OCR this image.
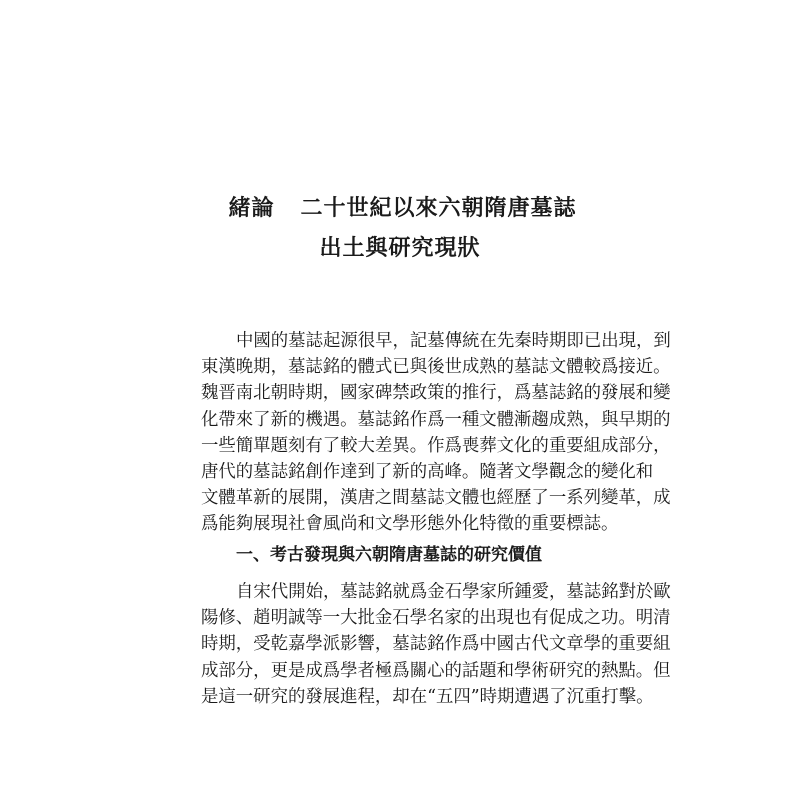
緒論 二十世紀以來六朝隋唐墓誌
出土與研究現狀
中國的墓誌起源很早，記墓傳統在先秦時期即已出現，到
東漢晚期，墓誌銘的體式已與後世成熟的墓誌文體較爲接近。
魏晋南北朝時期，國家碑禁政策的推行，爲墓誌銘的發展和變
化帶來了新的機遇。墓誌銘作爲一種文體漸趨成熟，與早期的
一些簡單題刻有了較大差異。作爲喪葬文化的重要組成部分，
唐代的墓誌銘創作達到了新的高峰。隨著文學觀念的變化和
文體革新的展開，漢唐之間墓誌文體也經歷了一系列變革，成
爲能夠展現社會風尚和文學形態外化特徵的重要標誌。
一、考古發現與六朝隋唐墓誌的研究價值
自宋代開始，墓誌銘就爲金石學家所鍾愛，墓誌銘對於歐
陽修、趙明誠等一大批金石學名家的出現也有促成之功。明清
時期，受乾嘉學派影響，墓誌銘作爲中國古代文章學的重要組
成部分，更是成爲學者極爲關心的話題和學術研究的熱點。但
是這一研究的發展進程，却在“五四”時期遭遇了沉重打擊。
